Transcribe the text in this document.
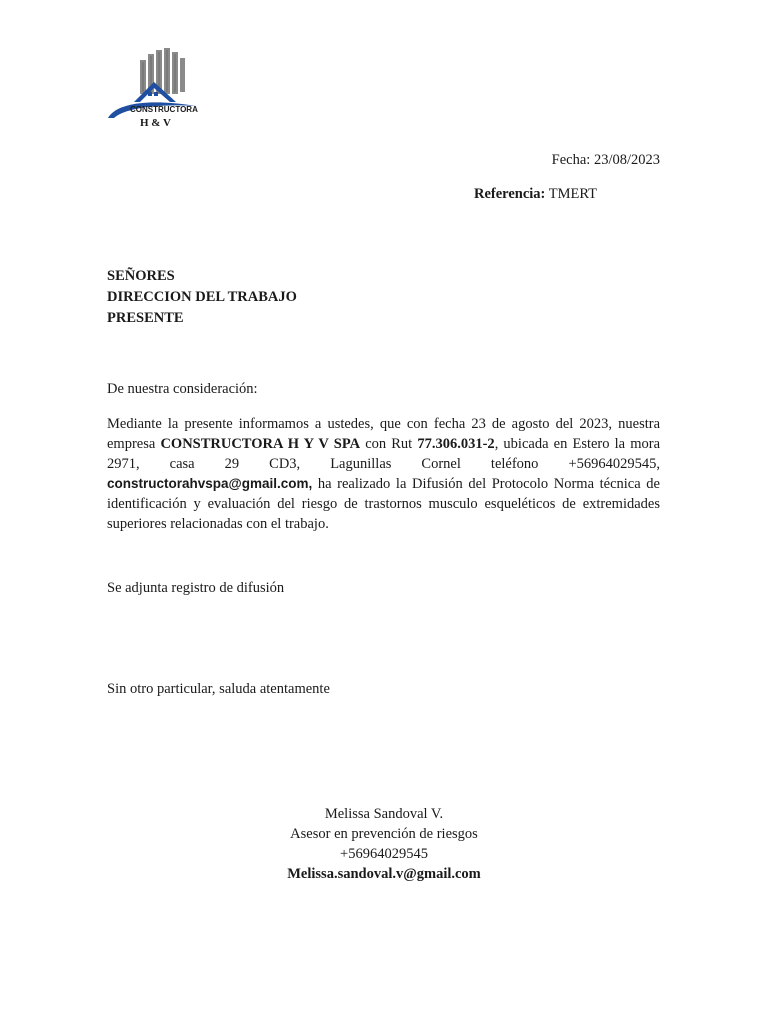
CONSTRUCTORA
H & V
Fecha: 23/08/2023
Referencia: TMERT
SEÑORES
DIRECCION DEL TRABAJO
PRESENTE
De nuestra consideración:
Mediante la presente informamos a ustedes, que con fecha 23 de agosto del 2023, nuestra empresa CONSTRUCTORA H Y V SPA con Rut 77.306.031-2, ubicada en Estero la mora 2971, casa 29 CD3, Lagunillas Cornel teléfono +56964029545, constructorahvspa@gmail.com, ha realizado la Difusión del Protocolo Norma técnica de identificación y evaluación del riesgo de trastornos musculo esqueléticos de extremidades superiores relacionadas con el trabajo.
Se adjunta registro de difusión
Sin otro particular, saluda atentamente
Melissa Sandoval V.
Asesor en prevención de riesgos
+56964029545
Melissa.sandoval.v@gmail.com
